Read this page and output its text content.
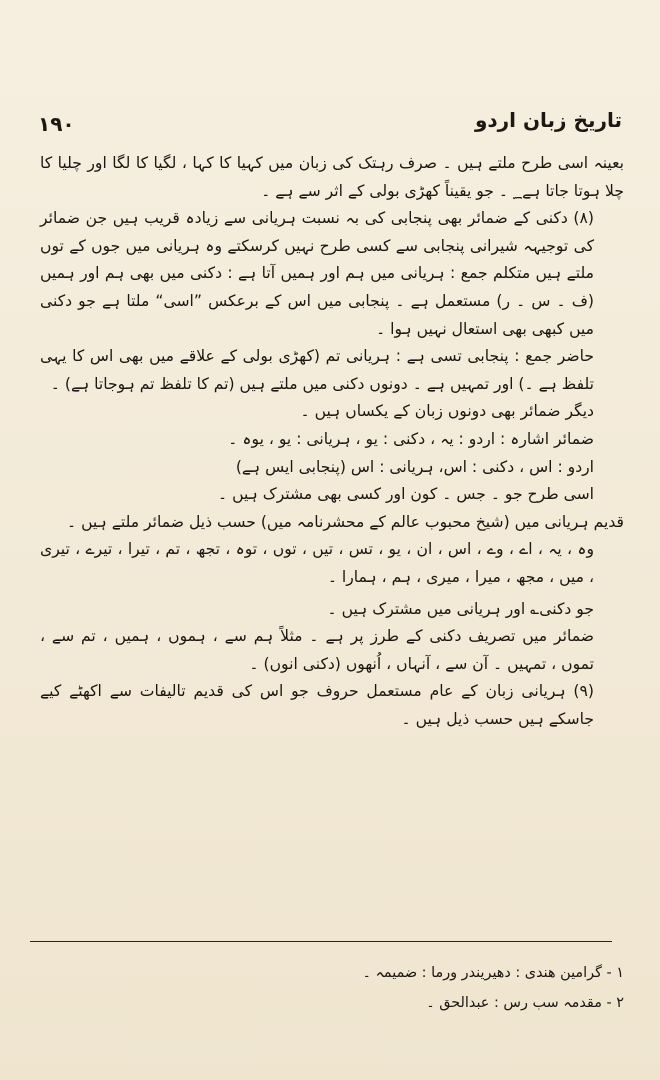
تاریخ زبان اردو
۱۹۰

بعینہ اسی طرح ملتے ہیں ۔ صرف رہتک کی زبان میں کہیا کا کہا ، لگیا کا لگا اور چلیا کا چلا ہوتا جاتا ہے؁ ۔ جو یقیناً کھڑی بولی کے اثر سے ہے ۔

(۸) دکنی کے ضمائر بھی پنجابی کی بہ نسبت ہریانی سے زیادہ قریب ہیں جن ضمائر کی توجیہہ شیرانی پنجابی سے کسی طرح نہیں کرسکتے وہ ہریانی میں جوں کے توں ملتے ہیں متکلم جمع : ہریانی میں ہم اور ہمیں آتا ہے : دکنی میں بھی ہم اور ہمیں (ف ۔ س ۔ ر) مستعمل ہے ۔ پنجابی میں اس کے برعکس ”اسی“ ملتا ہے جو دکنی میں کبھی بھی استعال نہیں ہوا ۔

حاضر جمع : پنجابی تسی ہے : ہریانی تم (کھڑی بولی کے علاقے میں بھی اس کا یہی تلفظ ہے ۔) اور تمہیں ہے ۔ دونوں دکنی میں ملتے ہیں (تم کا تلفظ تم ہوجاتا ہے) ۔

دیگر ضمائر بھی دونوں زبان کے یکساں ہیں ۔

ضمائر اشارہ : اردو : یہ ، دکنی : یو ، ہریانی : یو ، یوہ ۔

اردو : اس ، دکنی : اس، ہریانی : اس (پنجابی ایس ہے)

اسی طرح جو ۔ جس ۔ کون اور کسی بھی مشترک ہیں ۔

قدیم ہریانی میں (شیخ محبوب عالم کے محشرنامہ میں) حسب ذیل ضمائر ملتے ہیں ۔

وہ ، یہ ، اے ، وے ، اس ، ان ، یو ، تس ، تیں ، توں ، توہ ، تجھ ، تم ، تیرا ، تیرے ، تیری ، میں ، مجھ ، میرا ، میری ، ہم ، ہمارا ۔

جو دکنی؎ اور ہریانی میں مشترک ہیں ۔

ضمائر میں تصریف دکنی کے طرز پر ہے ۔ مثلاً ہم سے ، ہموں ، ہمیں ، تم سے ، تموں ، تمہیں ۔ آن سے ، آنہاں ، اُنھوں (دکنی انوں) ۔

(۹) ہریانی زبان کے عام مستعمل حروف جو اس کی قدیم تالیفات سے اکھٹے کیے جاسکے ہیں حسب ذیل ہیں ۔

۱ - گرامین ھندی : دھیریندر ورما : ضمیمہ ۔

۲ - مقدمہ سب رس : عبدالحق ۔
